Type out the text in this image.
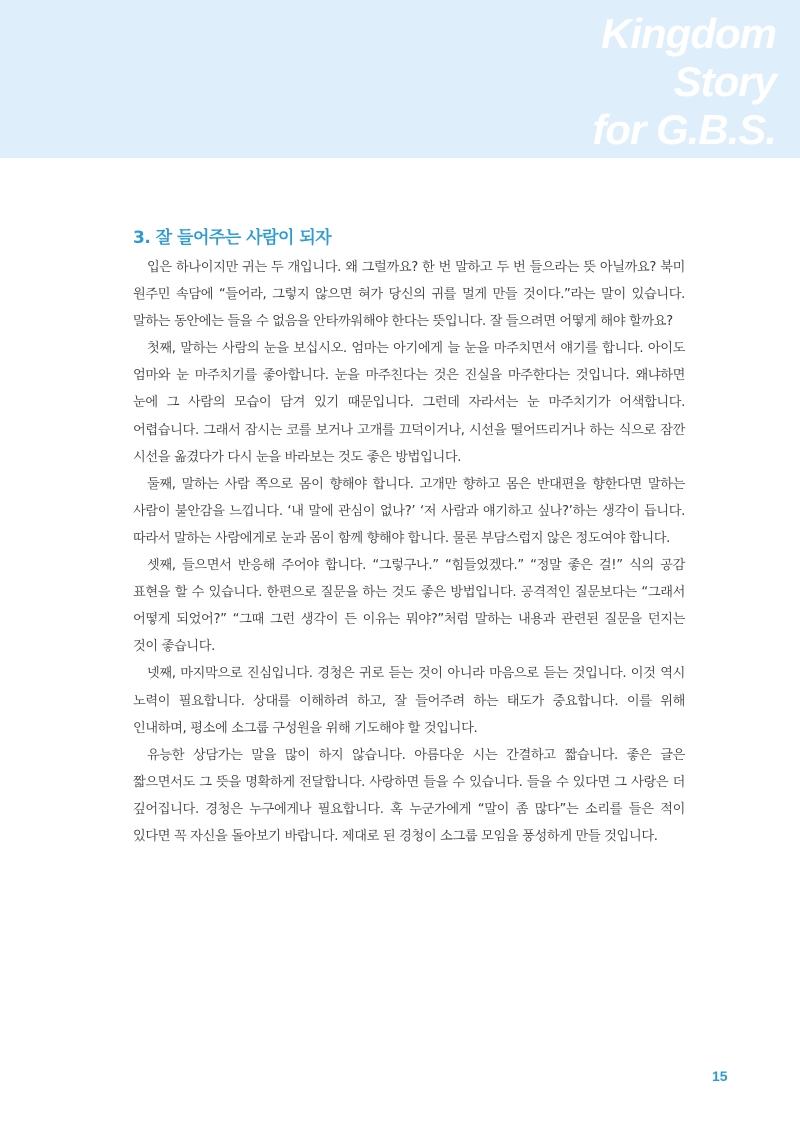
Kingdom
Story
for G.B.S.
3. 잘 들어주는 사람이 되자

입은 하나이지만 귀는 두 개입니다. 왜 그럴까요? 한 번 말하고 두 번 들으라는 뜻 아닐까요? 북미 원주민 속담에 “들어라, 그렇지 않으면 혀가 당신의 귀를 멀게 만들 것이다.”라는 말이 있습니다. 말하는 동안에는 들을 수 없음을 안타까워해야 한다는 뜻입니다. 잘 들으려면 어떻게 해야 할까요?

첫째, 말하는 사람의 눈을 보십시오. 엄마는 아기에게 늘 눈을 마주치면서 얘기를 합니다. 아이도 엄마와 눈 마주치기를 좋아합니다. 눈을 마주친다는 것은 진실을 마주한다는 것입니다. 왜냐하면 눈에 그 사람의 모습이 담겨 있기 때문입니다. 그런데 자라서는 눈 마주치기가 어색합니다. 어렵습니다. 그래서 잠시는 코를 보거나 고개를 끄덕이거나, 시선을 떨어뜨리거나 하는 식으로 잠깐 시선을 옮겼다가 다시 눈을 바라보는 것도 좋은 방법입니다.

둘째, 말하는 사람 쪽으로 몸이 향해야 합니다. 고개만 향하고 몸은 반대편을 향한다면 말하는 사람이 불안감을 느낍니다. ‘내 말에 관심이 없나?’ ‘저 사람과 얘기하고 싶나?’하는 생각이 듭니다. 따라서 말하는 사람에게로 눈과 몸이 함께 향해야 합니다. 물론 부담스럽지 않은 정도여야 합니다.

셋째, 들으면서 반응해 주어야 합니다. “그렇구나.” “힘들었겠다.” “정말 좋은 걸!” 식의 공감 표현을 할 수 있습니다. 한편으로 질문을 하는 것도 좋은 방법입니다. 공격적인 질문보다는 “그래서 어떻게 되었어?” “그때 그런 생각이 든 이유는 뭐야?”처럼 말하는 내용과 관련된 질문을 던지는 것이 좋습니다.

넷째, 마지막으로 진심입니다. 경청은 귀로 듣는 것이 아니라 마음으로 듣는 것입니다. 이것 역시 노력이 필요합니다. 상대를 이해하려 하고, 잘 들어주려 하는 태도가 중요합니다. 이를 위해 인내하며, 평소에 소그룹 구성원을 위해 기도해야 할 것입니다.

유능한 상담가는 말을 많이 하지 않습니다. 아름다운 시는 간결하고 짧습니다. 좋은 글은 짧으면서도 그 뜻을 명확하게 전달합니다. 사랑하면 들을 수 있습니다. 들을 수 있다면 그 사랑은 더 깊어집니다. 경청은 누구에게나 필요합니다. 혹 누군가에게 “말이 좀 많다”는 소리를 들은 적이 있다면 꼭 자신을 돌아보기 바랍니다. 제대로 된 경청이 소그룹 모임을 풍성하게 만들 것입니다.

15
